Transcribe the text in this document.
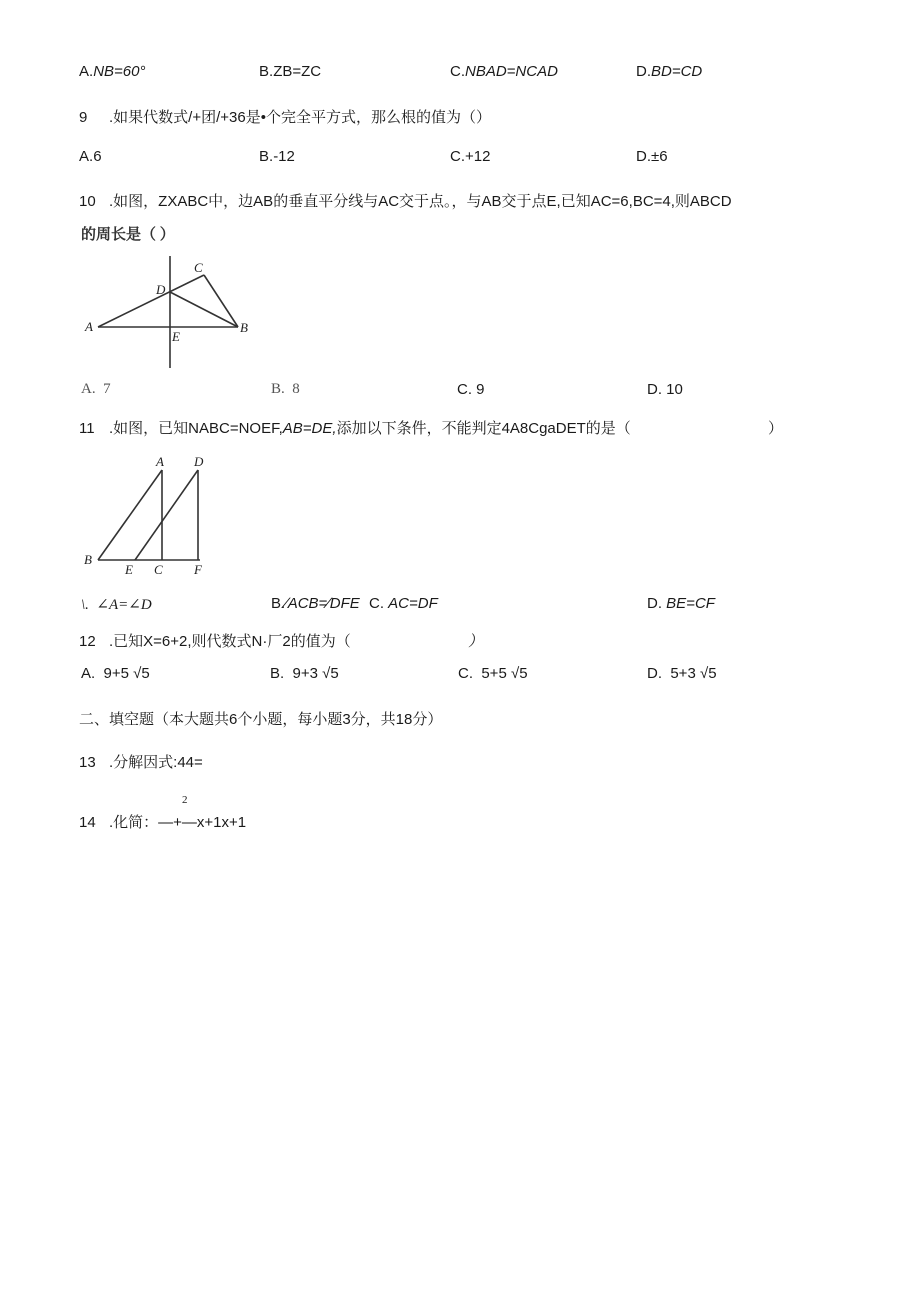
A.NB=60°	B.ZB=ZC	C.NBAD=NCAD	D.BD=CD
9 .如果代数式/+团/+36是•个完全平方式，那么根的值为（）
A.6	B.-12	C.+12	D.±6
10 .如图，ZXABC中，边AB的垂直平分线与AC交于点。，与AB交于点E,已知AC=6,BC=4,则ABCD
的周长是（ ）
A	B
C
D
E
A. 7	B. 8	C. 9	D. 10
11 .如图，已知NABC=NOEF,AB=DE,添加以下条件，不能判定4A8CgaDET的是（	）
A
B
C
D
E	F
\. ∠A=∠D	B.∕ACB=∕DFE C. AC=DF	D. BE=CF
12 .已知X=6+2,则代数式N·厂2的值为（	）
A. 9+5 √5	B. 9+3 √5	C. 5+5 √5	D. 5+3 √5
二、填空题（本大题共6个小题，每小题3分，共18分）
13 .分解因式:44=
2
14 .化简：—+—x+1x+1
